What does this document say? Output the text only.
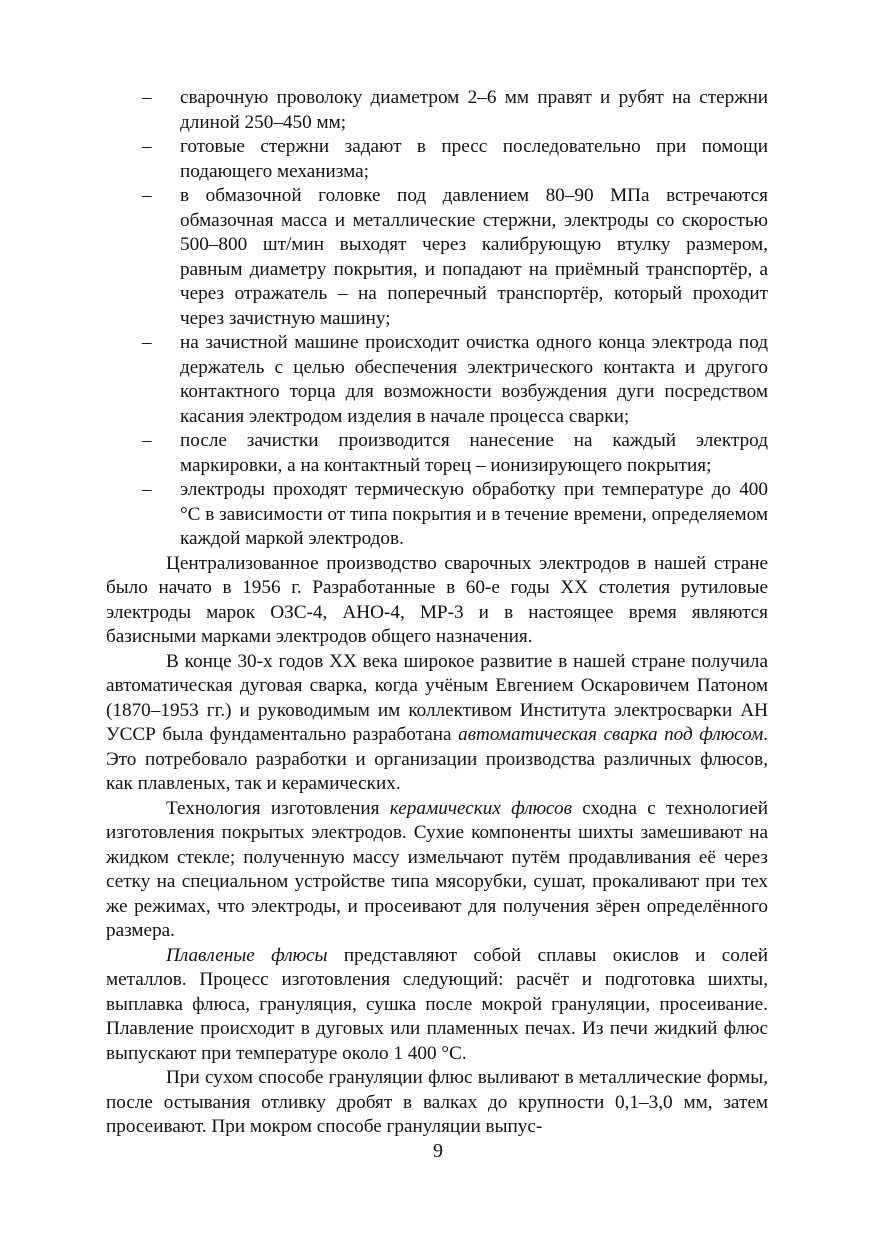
– сварочную проволоку диаметром 2–6 мм правят и рубят на стержни длиной 250–450 мм;
– готовые стержни задают в пресс последовательно при помощи подающего механизма;
– в обмазочной головке под давлением 80–90 МПа встречаются обмазочная масса и металлические стержни, электроды со скоростью 500–800 шт/мин выходят через калибрующую втулку размером, равным диаметру покрытия, и попадают на приёмный транспортёр, а через отражатель – на поперечный транспортёр, который проходит через зачистную машину;
– на зачистной машине происходит очистка одного конца электрода под держатель с целью обеспечения электрического контакта и другого контактного торца для возможности возбуждения дуги посредством касания электродом изделия в начале процесса сварки;
– после зачистки производится нанесение на каждый электрод маркировки, а на контактный торец – ионизирующего покрытия;
– электроды проходят термическую обработку при температуре до 400 °С в зависимости от типа покрытия и в течение времени, определяемом каждой маркой электродов.

Централизованное производство сварочных электродов в нашей стране было начато в 1956 г. Разработанные в 60-е годы XX столетия рутиловые электроды марок ОЗС-4, АНО-4, МР-3 и в настоящее время являются базисными марками электродов общего назначения.

В конце 30-х годов XX века широкое развитие в нашей стране получила автоматическая дуговая сварка, когда учёным Евгением Оскаровичем Патоном (1870–1953 гг.) и руководимым им коллективом Института электросварки АН УССР была фундаментально разработана автоматическая сварка под флюсом. Это потребовало разработки и организации производства различных флюсов, как плавленых, так и керамических.

Технология изготовления керамических флюсов сходна с технологией изготовления покрытых электродов. Сухие компоненты шихты замешивают на жидком стекле; полученную массу измельчают путём продавливания её через сетку на специальном устройстве типа мясорубки, сушат, прокаливают при тех же режимах, что электроды, и просеивают для получения зёрен определённого размера.

Плавленые флюсы представляют собой сплавы окислов и солей металлов. Процесс изготовления следующий: расчёт и подготовка шихты, выплавка флюса, грануляция, сушка после мокрой грануляции, просеивание. Плавление происходит в дуговых или пламенных печах. Из печи жидкий флюс выпускают при температуре около 1 400 °С.

При сухом способе грануляции флюс выливают в металлические формы, после остывания отливку дробят в валках до крупности 0,1–3,0 мм, затем просеивают. При мокром способе грануляции выпус-

9
